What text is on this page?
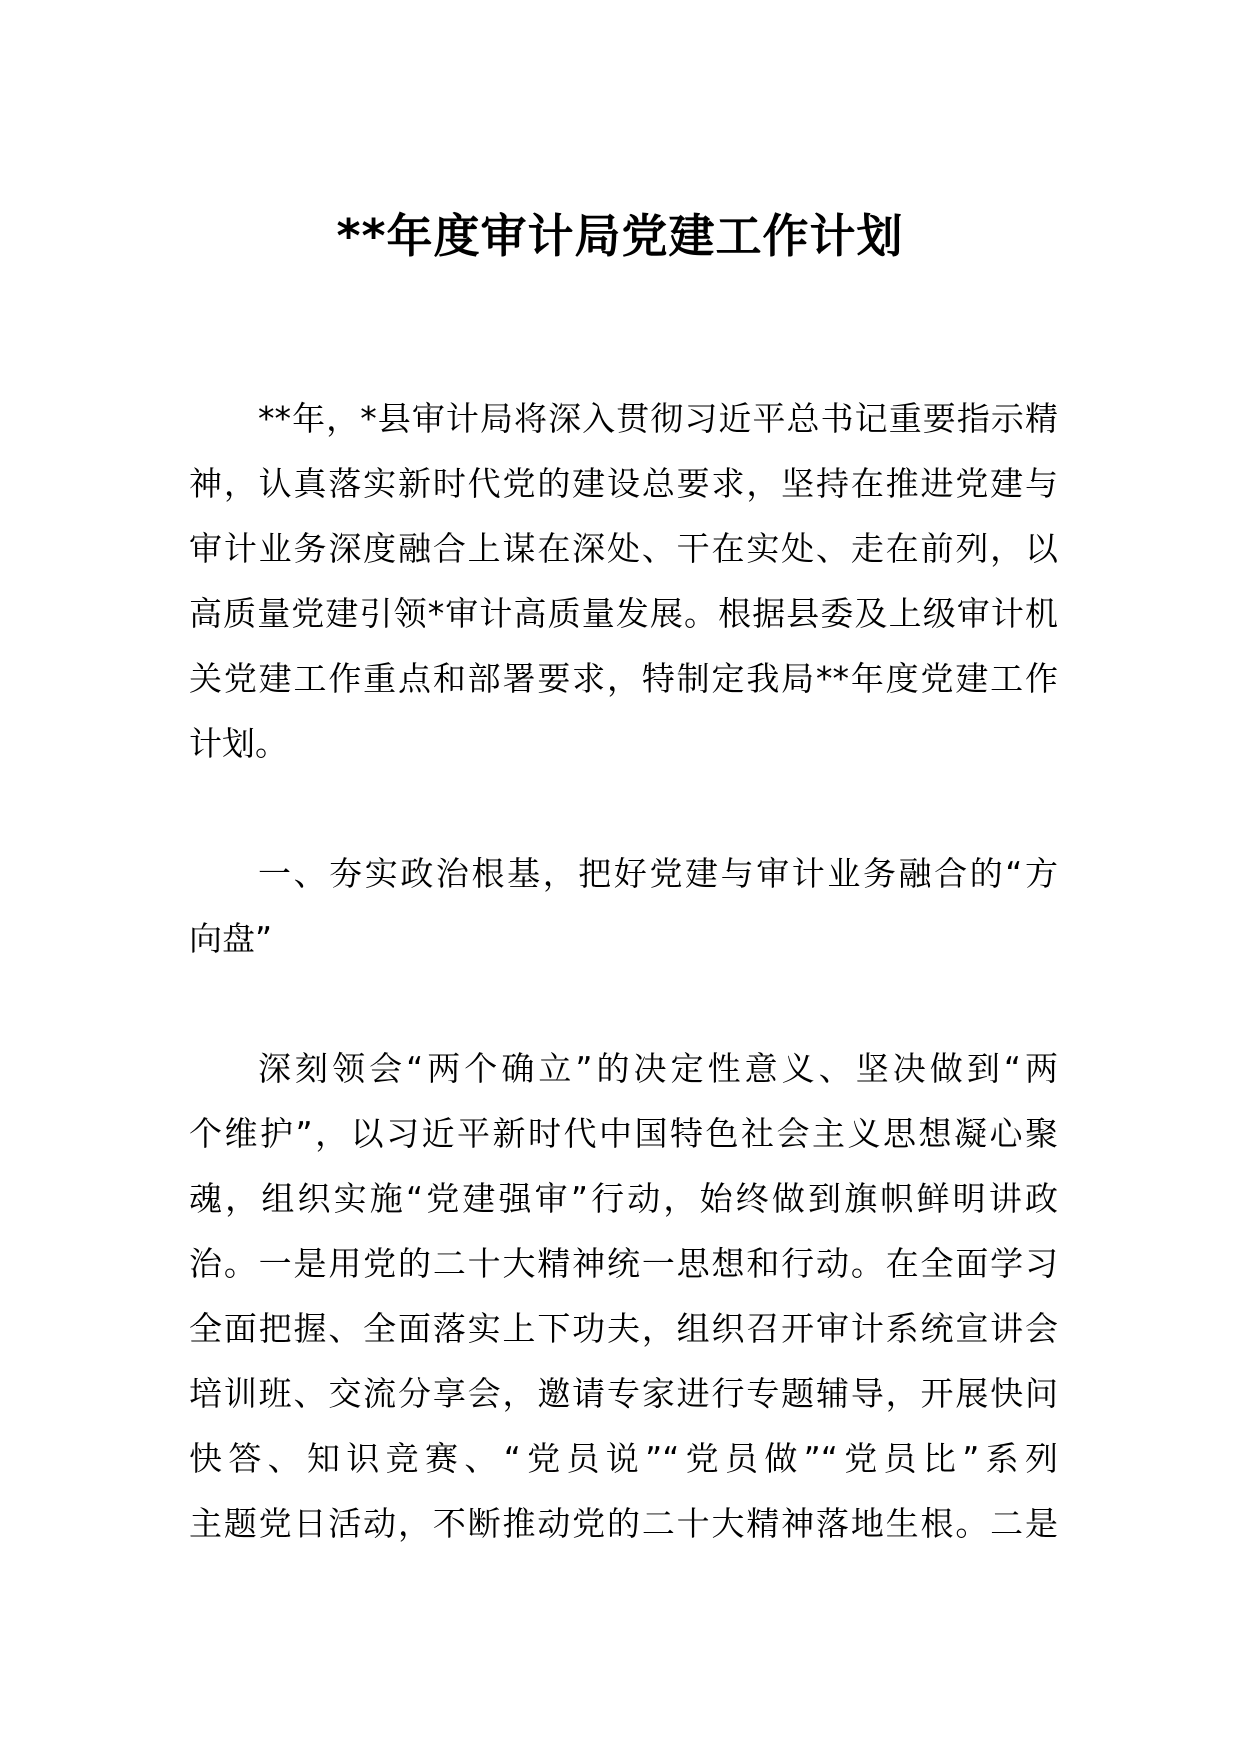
**年度审计局党建工作计划
**年，*县审计局将深入贯彻习近平总书记重要指示精
神，认真落实新时代党的建设总要求，坚持在推进党建与
审计业务深度融合上谋在深处、干在实处、走在前列，以
高质量党建引领*审计高质量发展。根据县委及上级审计机
关党建工作重点和部署要求，特制定我局**年度党建工作
计划。
一、夯实政治根基，把好党建与审计业务融合的“方
向盘”
深刻领会“两个确立”的决定性意义、坚决做到“两
个维护”，以习近平新时代中国特色社会主义思想凝心聚
魂，组织实施“党建强审”行动，始终做到旗帜鲜明讲政
治。一是用党的二十大精神统一思想和行动。在全面学习
全面把握、全面落实上下功夫，组织召开审计系统宣讲会
培训班、交流分享会，邀请专家进行专题辅导，开展快问
快答、知识竞赛、“党员说”“党员做”“党员比”系列
主题党日活动，不断推动党的二十大精神落地生根。二是
